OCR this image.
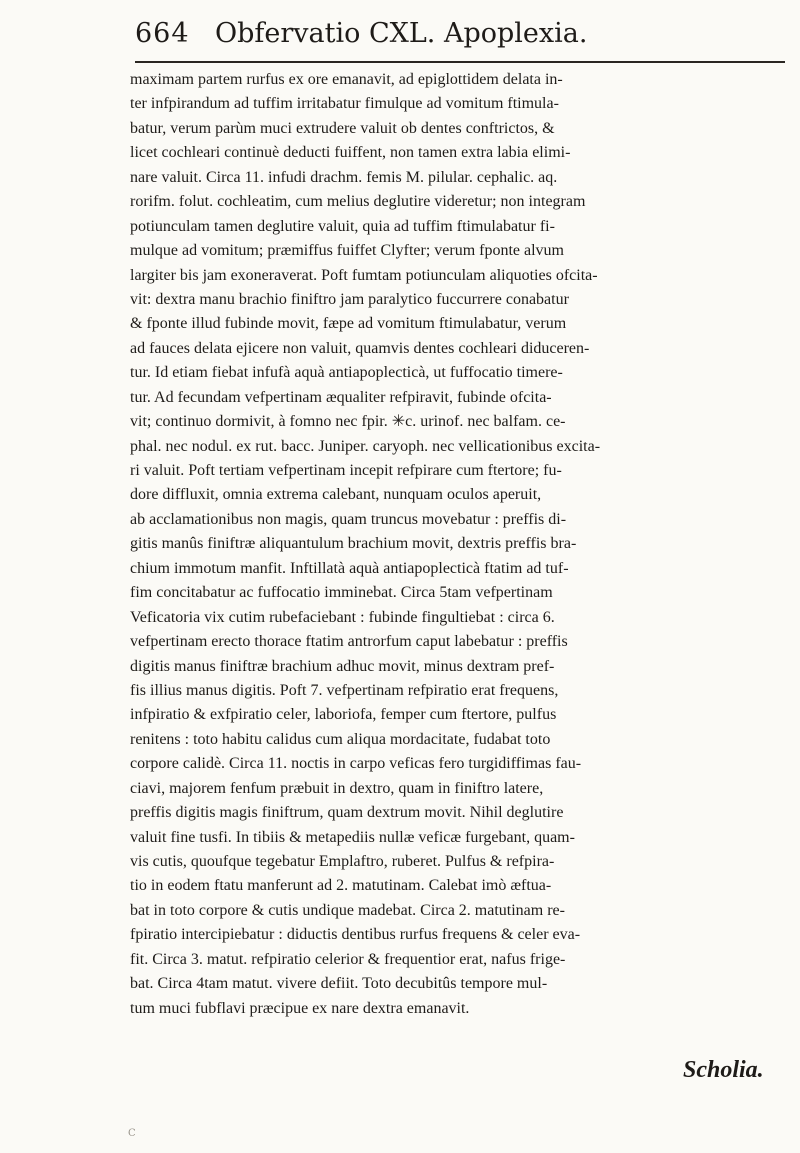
664 Obfervatio CXL. Apoplexia.
maximam partem rurfus ex ore emanavit, ad epiglottidem delata in-
ter infpirandum ad tuffim irritabatur fimulque ad vomitum ftimula-
batur, verum parùm muci extrudere valuit ob dentes conftrictos, &
licet cochleari continuè deducti fuiffent, non tamen extra labia elimi-
nare valuit. Circa 11. infudi drachm. femis M. pilular. cephalic. aq.
rorifm. folut. cochleatim, cum melius deglutire videretur; non integram
potiunculam tamen deglutire valuit, quia ad tuffim ftimulabatur fi-
mulque ad vomitum; præmiffus fuiffet Clyfter; verum fponte alvum
largiter bis jam exoneraverat. Poft fumtam potiunculam aliquoties ofcita-
vit: dextra manu brachio finiftro jam paralytico fuccurrere conabatur
& fponte illud fubinde movit, fæpe ad vomitum ftimulabatur, verum
ad fauces delata ejicere non valuit, quamvis dentes cochleari diduceren-
tur. Id etiam fiebat infufà aquà antiapoplecticà, ut fuffocatio timere-
tur. Ad fecundam vefpertinam æqualiter refpiravit, fubinde ofcita-
vit; continuo dormivit, à fomno nec fpir. ✳c. urinof. nec balfam. ce-
phal. nec nodul. ex rut. bacc. Juniper. caryoph. nec vellicationibus excita-
ri valuit. Poft tertiam vefpertinam incepit refpirare cum ftertore; fu-
dore diffluxit, omnia extrema calebant, nunquam oculos aperuit,
ab acclamationibus non magis, quam truncus movebatur : preffis di-
gitis manûs finiftræ aliquantulum brachium movit, dextris preffis bra-
chium immotum manfit. Inftillatà aquà antiapoplecticà ftatim ad tuf-
fim concitabatur ac fuffocatio imminebat. Circa 5tam vefpertinam
Veficatoria vix cutim rubefaciebant : fubinde fingultiebat : circa 6.
vefpertinam erecto thorace ftatim antrorfum caput labebatur : preffis
digitis manus finiftræ brachium adhuc movit, minus dextram pref-
fis illius manus digitis. Poft 7. vefpertinam refpiratio erat frequens,
infpiratio & exfpiratio celer, laboriofa, femper cum ftertore, pulfus
renitens : toto habitu calidus cum aliqua mordacitate, fudabat toto
corpore calidè. Circa 11. noctis in carpo veficas fero turgidiffimas fau-
ciavi, majorem fenfum præbuit in dextro, quam in finiftro latere,
preffis digitis magis finiftrum, quam dextrum movit. Nihil deglutire
valuit fine tusfi. In tibiis & metapediis nullæ veficæ furgebant, quam-
vis cutis, quoufque tegebatur Emplaftro, ruberet. Pulfus & refpira-
tio in eodem ftatu manferunt ad 2. matutinam. Calebat imò æftua-
bat in toto corpore & cutis undique madebat. Circa 2. matutinam re-
fpiratio intercipiebatur : diductis dentibus rurfus frequens & celer eva-
fit. Circa 3. matut. refpiratio celerior & frequentior erat, nafus frige-
bat. Circa 4tam matut. vivere defiit. Toto decubitûs tempore mul-
tum muci fubflavi præcipue ex nare dextra emanavit.
Scholia.
C
